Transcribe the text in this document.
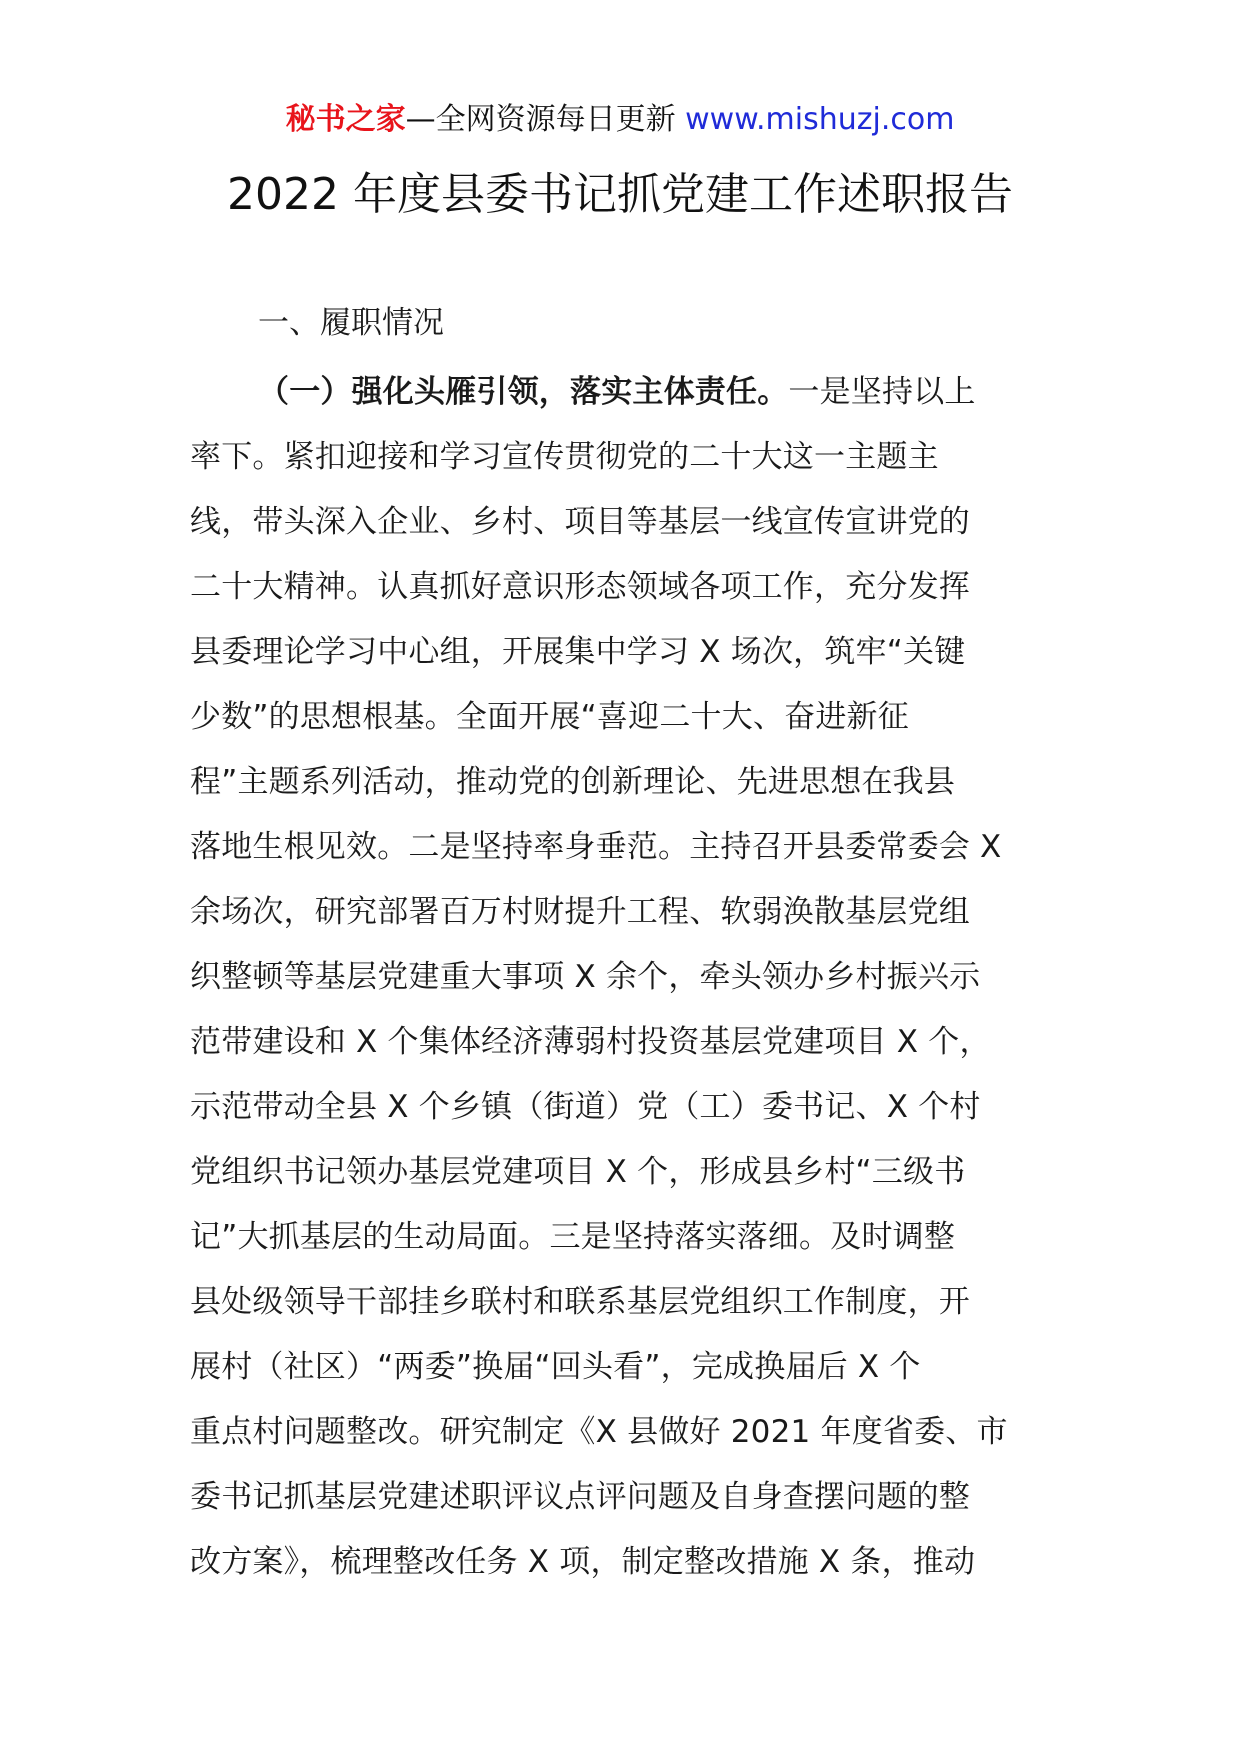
秘书之家—全网资源每日更新 www.mishuzj.com
2022 年度县委书记抓党建工作述职报告
一、履职情况
（一）强化头雁引领，落实主体责任。一是坚持以上
率下。紧扣迎接和学习宣传贯彻党的二十大这一主题主
线，带头深入企业、乡村、项目等基层一线宣传宣讲党的
二十大精神。认真抓好意识形态领域各项工作，充分发挥
县委理论学习中心组，开展集中学习 X 场次，筑牢“关键
少数”的思想根基。全面开展“喜迎二十大、奋进新征
程”主题系列活动，推动党的创新理论、先进思想在我县
落地生根见效。二是坚持率身垂范。主持召开县委常委会 X
余场次，研究部署百万村财提升工程、软弱涣散基层党组
织整顿等基层党建重大事项 X 余个，牵头领办乡村振兴示
范带建设和 X 个集体经济薄弱村投资基层党建项目 X 个，
示范带动全县 X 个乡镇（街道）党（工）委书记、X 个村
党组织书记领办基层党建项目 X 个，形成县乡村“三级书
记”大抓基层的生动局面。三是坚持落实落细。及时调整
县处级领导干部挂乡联村和联系基层党组织工作制度，开
展村（社区）“两委”换届“回头看”，完成换届后 X 个
重点村问题整改。研究制定《X 县做好 2021 年度省委、市
委书记抓基层党建述职评议点评问题及自身查摆问题的整
改方案》，梳理整改任务 X 项，制定整改措施 X 条，推动
